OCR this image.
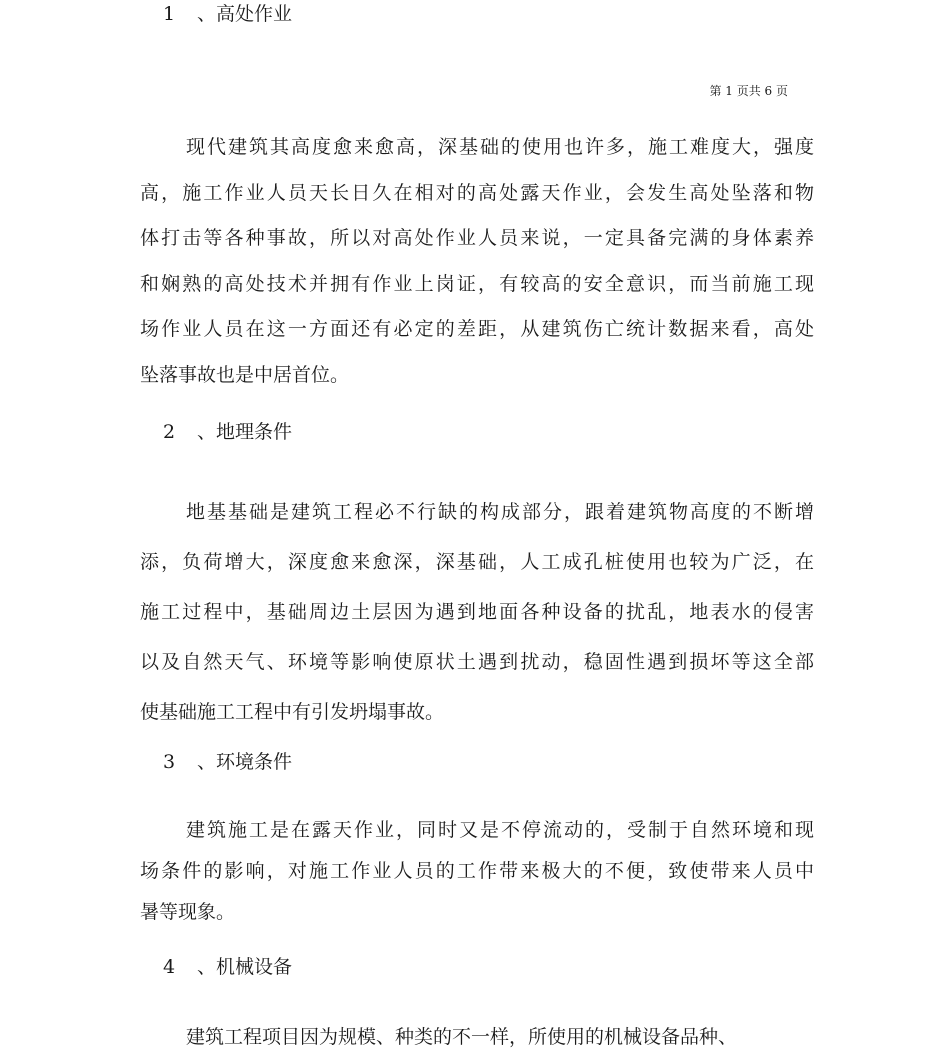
1 、高处作业
第 1 页共 6 页

现代建筑其高度愈来愈高，深基础的使用也许多，施工难度大，强度
高，施工作业人员天长日久在相对的高处露天作业，会发生高处坠落和物
体打击等各种事故，所以对高处作业人员来说，一定具备完满的身体素养
和娴熟的高处技术并拥有作业上岗证，有较高的安全意识，而当前施工现
场作业人员在这一方面还有必定的差距，从建筑伤亡统计数据来看，高处
坠落事故也是中居首位。

2 、地理条件

地基基础是建筑工程必不行缺的构成部分，跟着建筑物高度的不断增
添，负荷增大，深度愈来愈深，深基础，人工成孔桩使用也较为广泛，在
施工过程中，基础周边土层因为遇到地面各种设备的扰乱，地表水的侵害
以及自然天气、环境等影响使原状土遇到扰动，稳固性遇到损坏等这全部
使基础施工工程中有引发坍塌事故。

3 、环境条件

建筑施工是在露天作业，同时又是不停流动的，受制于自然环境和现
场条件的影响，对施工作业人员的工作带来极大的不便，致使带来人员中
暑等现象。

4 、机械设备

建筑工程项目因为规模、种类的不一样，所使用的机械设备品种、
